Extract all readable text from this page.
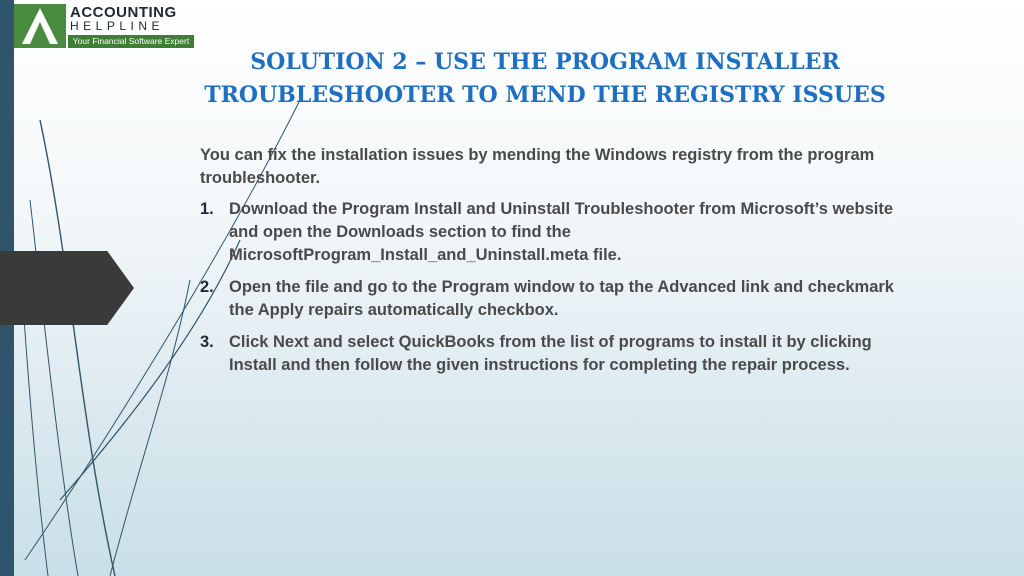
ACCOUNTING
HELPLINE
Your Financial Software Expert
SOLUTION 2 – USE THE PROGRAM INSTALLER
TROUBLESHOOTER TO MEND THE REGISTRY ISSUES

You can fix the installation issues by mending the Windows registry from the program troubleshooter.

1. Download the Program Install and Uninstall Troubleshooter from Microsoft’s website and open the Downloads section to find the MicrosoftProgram_Install_and_Uninstall.meta file.
2. Open the file and go to the Program window to tap the Advanced link and checkmark the Apply repairs automatically checkbox.
3. Click Next and select QuickBooks from the list of programs to install it by clicking Install and then follow the given instructions for completing the repair process.
